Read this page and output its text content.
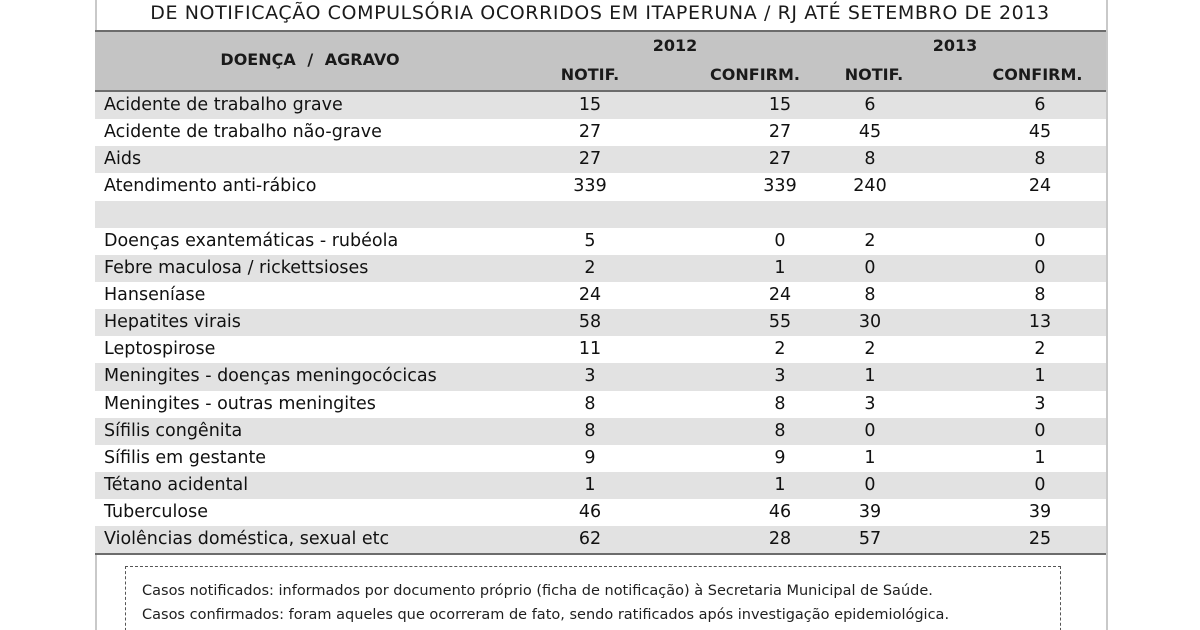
DE NOTIFICAÇÃO COMPULSÓRIA OCORRIDOS EM ITAPERUNA / RJ ATÉ SETEMBRO DE 2013
DOENÇA / AGRAVO
2012	2013
NOTIF.	CONFIRM.	NOTIF.	CONFIRM.
Acidente de trabalho grave	15	15	6	6
Acidente de trabalho não-grave	27	27	45	45
Aids	27	27	8	8
Atendimento anti-rábico	339	339	240	24
Doenças exantemáticas - rubéola	5	0	2	0
Febre maculosa / rickettsioses	2	1	0	0
Hanseníase	24	24	8	8
Hepatites virais	58	55	30	13
Leptospirose	11	2	2	2
Meningites - doenças meningocócicas	3	3	1	1
Meningites - outras meningites	8	8	3	3
Sífilis congênita	8	8	0	0
Sífilis em gestante	9	9	1	1
Tétano acidental	1	1	0	0
Tuberculose	46	46	39	39
Violências doméstica, sexual etc	62	28	57	25
Casos notificados: informados por documento próprio (ficha de notificação) à Secretaria Municipal de Saúde.
Casos confirmados: foram aqueles que ocorreram de fato, sendo ratificados após investigação epidemiológica.
